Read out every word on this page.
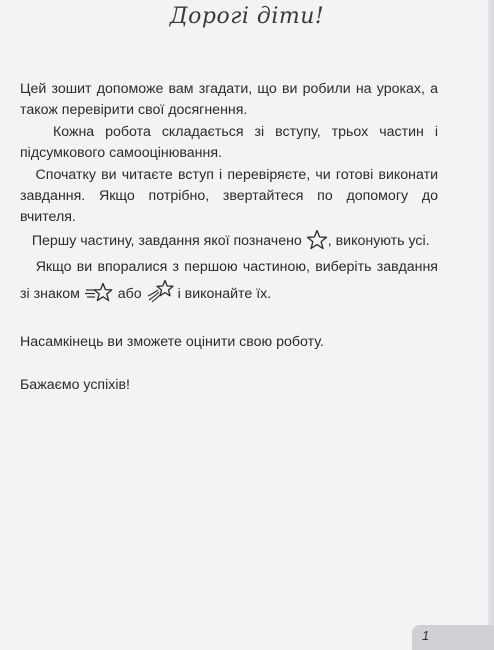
Дорогі діти!

Цей зошит допоможе вам згадати, що ви робили на уроках, а також перевірити свої досягнення.

Кожна робота складається зі вступу, трьох частин і підсумкового самооцінювання.

Спочатку ви читаєте вступ і перевіряєте, чи готові виконати завдання. Якщо потрібно, звертайтеся по допомогу до вчителя.

Першу частину, завдання якої позначено , виконують усі.

Якщо ви впоралися з першою частиною, виберіть завдання зі знаком	або	і виконайте їх.

Насамкінець ви зможете оцінити свою роботу.

Бажаємо успіхів!

1
